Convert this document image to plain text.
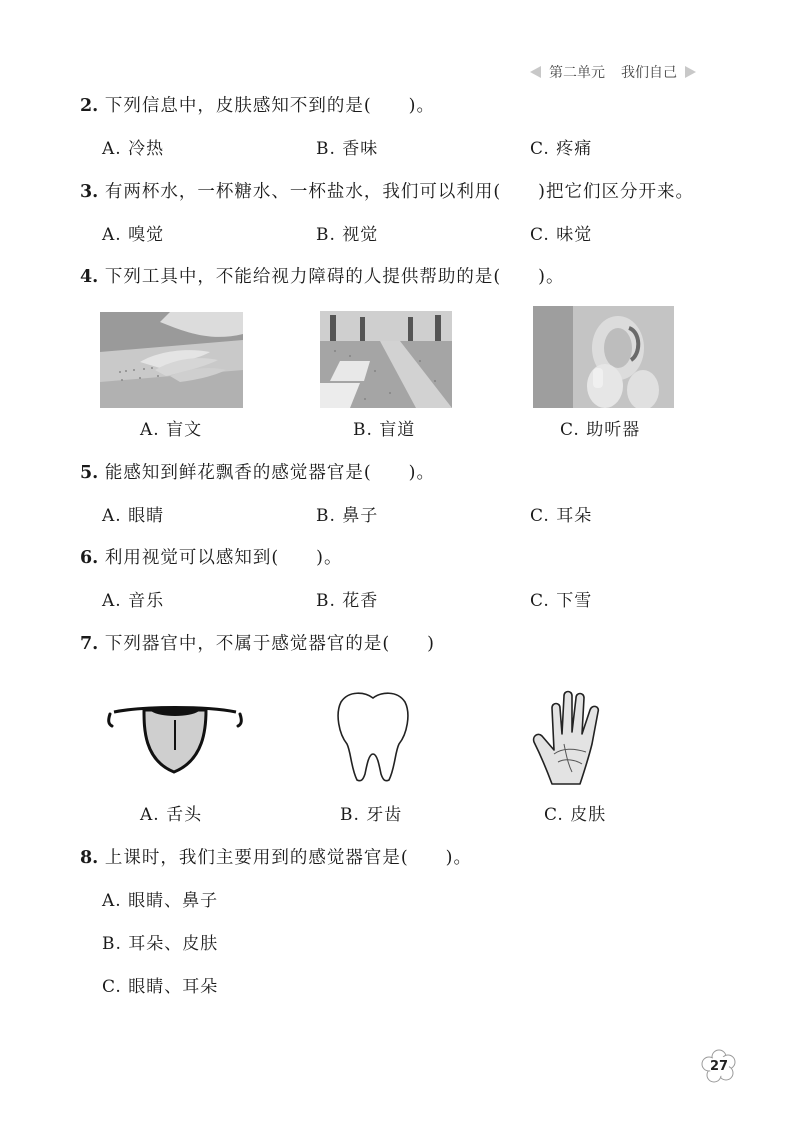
第二单元 我们自己
2. 下列信息中，皮肤感知不到的是(　　)。
A. 冷热	B. 香味	C. 疼痛
3. 有两杯水，一杯糖水、一杯盐水，我们可以利用(　　)把它们区分开来。
A. 嗅觉	B. 视觉	C. 味觉
4. 下列工具中，不能给视力障碍的人提供帮助的是(　　)。
A. 盲文	B. 盲道	C. 助听器
5. 能感知到鲜花飘香的感觉器官是(　　)。
A. 眼睛	B. 鼻子	C. 耳朵
6. 利用视觉可以感知到(　　)。
A. 音乐	B. 花香	C. 下雪
7. 下列器官中，不属于感觉器官的是(　　)
A. 舌头	B. 牙齿	C. 皮肤
8. 上课时，我们主要用到的感觉器官是(　　)。
A. 眼睛、鼻子
B. 耳朵、皮肤
C. 眼睛、耳朵
27
